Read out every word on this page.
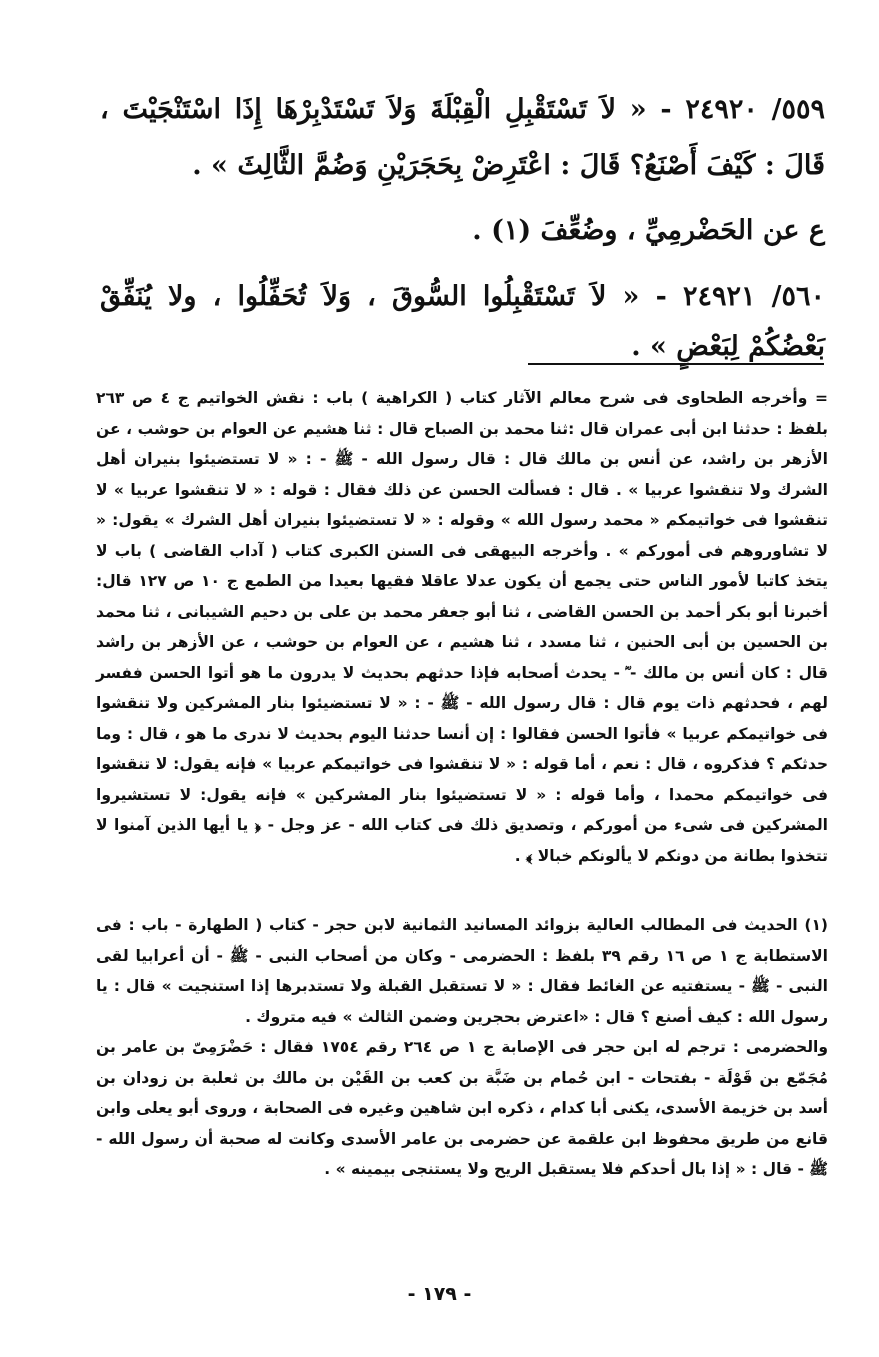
٥٥٩/ ٢٤٩٢٠ - « لاَ تَسْتَقْبِلِ الْقِبْلَةَ وَلاَ تَسْتَدْبِرْهَا إِذَا اسْتَنْجَيْتَ ، قَالَ : كَيْفَ أَصْنَعُ؟ قَالَ : اعْتَرِضْ بِحَجَرَيْنِ وَضُمَّ الثَّالِثَ » .

ع عن الحَضْرمِيِّ ، وضُعِّفَ (١) .

٥٦٠/ ٢٤٩٢١ - « لاَ تَسْتَقْبِلُوا السُّوقَ ، وَلاَ تُحَفِّلُوا ، ولا يُنَفِّقْ بَعْضُكُمْ لِبَعْضٍ » .

= وأخرجه الطحاوى فى شرح معالم الآثار كتاب ( الكراهية ) باب : نقش الخواتيم ج ٤ ص ٢٦٣ بلفظ : حدثنا ابن أبى عمران قال :ثنا محمد بن الصباح قال : ثنا هشيم عن العوام بن حوشب ، عن الأزهر بن راشد، عن أنس بن مالك قال : قال رسول الله - ﷺ - : « لا تستضيئوا بنيران أهل الشرك ولا تنقشوا عربيا » . قال : فسألت الحسن عن ذلك فقال : قوله : « لا تنقشوا عربيا » لا تنقشوا فى خواتيمكم « محمد رسول الله » وقوله : « لا تستضيئوا بنيران أهل الشرك » يقول: « لا تشاوروهم فى أموركم » . وأخرجه البيهقى فى السنن الكبرى كتاب ( آداب القاضى ) باب لا يتخذ كاتبا لأمور الناس حتى يجمع أن يكون عدلا عاقلا فقيها بعيدا من الطمع ج ١٠ ص ١٢٧ قال: أخبرنا أبو بكر أحمد بن الحسن القاضى ، ثنا أبو جعفر محمد بن على بن دحيم الشيبانى ، ثنا محمد بن الحسين بن أبى الحنين ، ثنا مسدد ، ثنا هشيم ، عن العوام بن حوشب ، عن الأزهر بن راشد قال : كان أنس بن مالك - ؓ - يحدث أصحابه فإذا حدثهم بحديث لا يدرون ما هو أتوا الحسن ففسر لهم ، فحدثهم ذات يوم قال : قال رسول الله - ﷺ - : « لا تستضيئوا بنار المشركين ولا تنقشوا فى خواتيمكم عربيا » فأتوا الحسن فقالوا : إن أنسا حدثنا اليوم بحديث لا ندرى ما هو ، قال : وما حدثكم ؟ فذكروه ، قال : نعم ، أما قوله : « لا تنقشوا فى خواتيمكم عربيا » فإنه يقول: لا تنقشوا فى خواتيمكم محمدا ، وأما قوله : « لا تستضيئوا بنار المشركين » فإنه يقول: لا تستشيروا المشركين فى شىء من أموركم ، وتصديق ذلك فى كتاب الله - عز وجل - ﴿ يا أيها الذين آمنوا لا تتخذوا بطانة من دونكم لا يألونكم خبالا ﴾ .

(١) الحديث فى المطالب العالية بزوائد المسانيد الثمانية لابن حجر - كتاب ( الطهارة - باب : فى الاستطابة ج ١ ص ١٦ رقم ٣٩ بلفظ : الحضرمى - وكان من أصحاب النبى - ﷺ - أن أعرابيا لقى النبى - ﷺ - يستفتيه عن الغائط فقال : « لا تستقبل القبلة ولا تستدبرها إذا استنجيت » قال : يا رسول الله : كيف أصنع ؟ قال : «اعترض بحجرين وضمن الثالث » فيه متروك .

والحضرمى : ترجم له ابن حجر فى الإصابة ج ١ ص ٢٦٤ رقم ١٧٥٤ فقال : حَضْرَمِىّ بن عامر بن مُجَمّع بن قَوْلَة - بفتحات - ابن حُمام بن ضَبَّة بن كعب بن القَيْن بن مالك بن ثعلبة بن زودان بن أسد بن خزيمة الأسدى، يكنى أبا كدام ، ذكره ابن شاهين وغيره فى الصحابة ، وروى أبو يعلى وابن قانع من طريق محفوظ ابن علقمة عن حضرمى بن عامر الأسدى وكانت له صحبة أن رسول الله - ﷺ - قال : « إذا بال أحدكم فلا يستقبل الريح ولا يستنجى بيمينه » .

- ١٧٩ -
